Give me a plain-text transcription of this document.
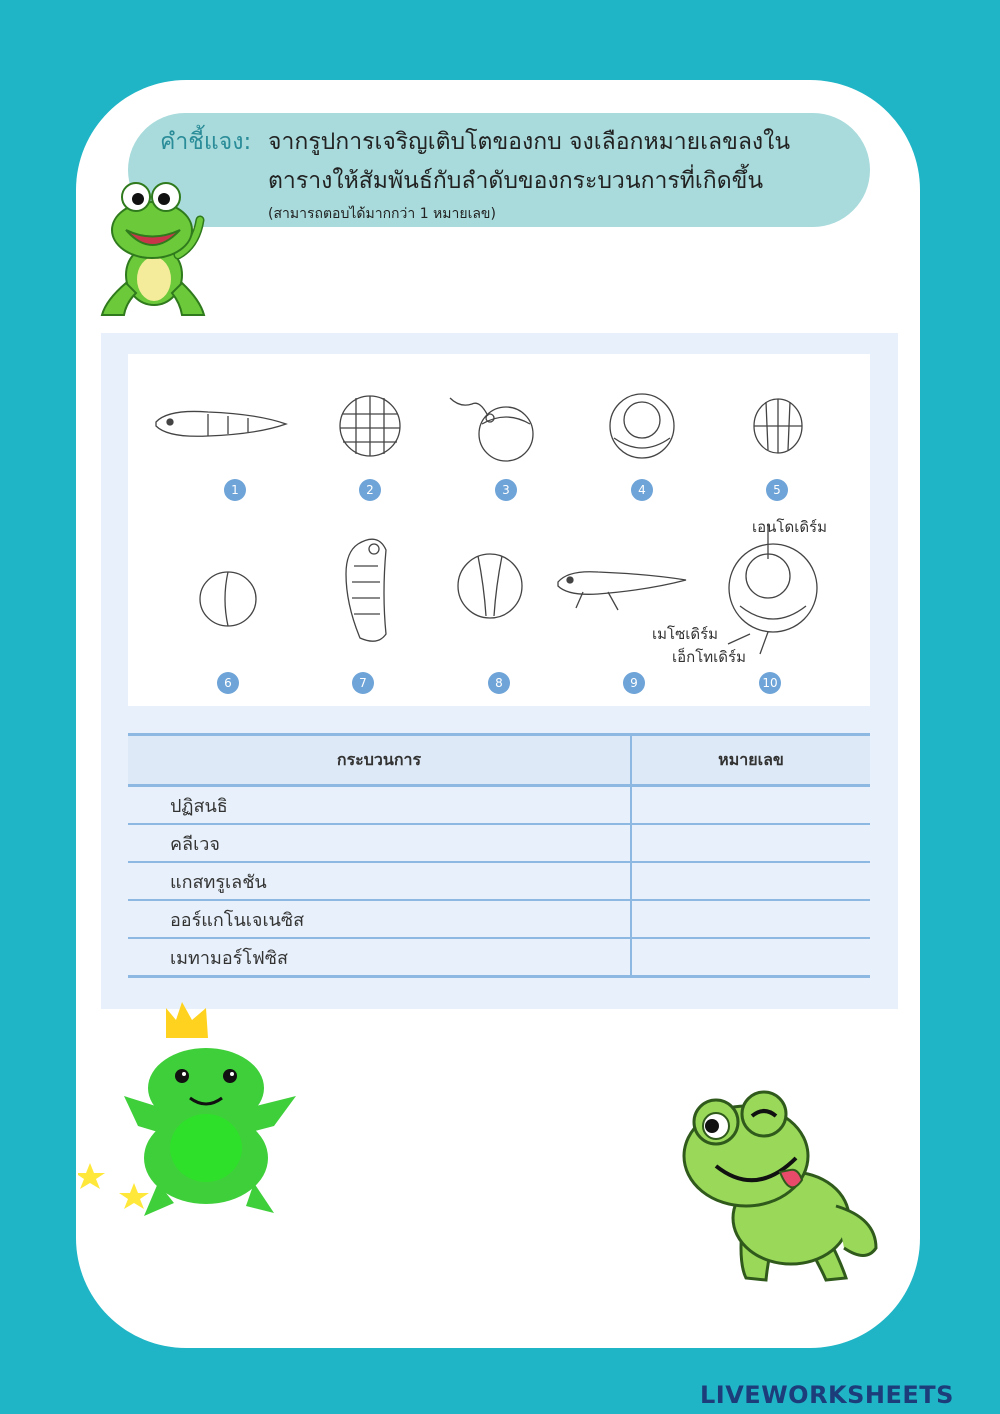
คำชี้แจง: จากรูปการเจริญเติบโตของกบ จงเลือกหมายเลขลงใน
ตารางให้สัมพันธ์กับลำดับของกระบวนการที่เกิดขึ้น
(สามารถตอบได้มากกว่า 1 หมายเลข)
1	2	3	4	5
6	7	8	9	10
เอนโดเดิร์ม
เมโซเดิร์ม
เอ็กโทเดิร์ม
กระบวนการ	หมายเลข
ปฏิสนธิ	
คลีเวจ	
แกสทรูเลชัน	
ออร์แกโนเจเนซิส	
เมทามอร์โฟซิส	
LIVEWORKSHEETS
